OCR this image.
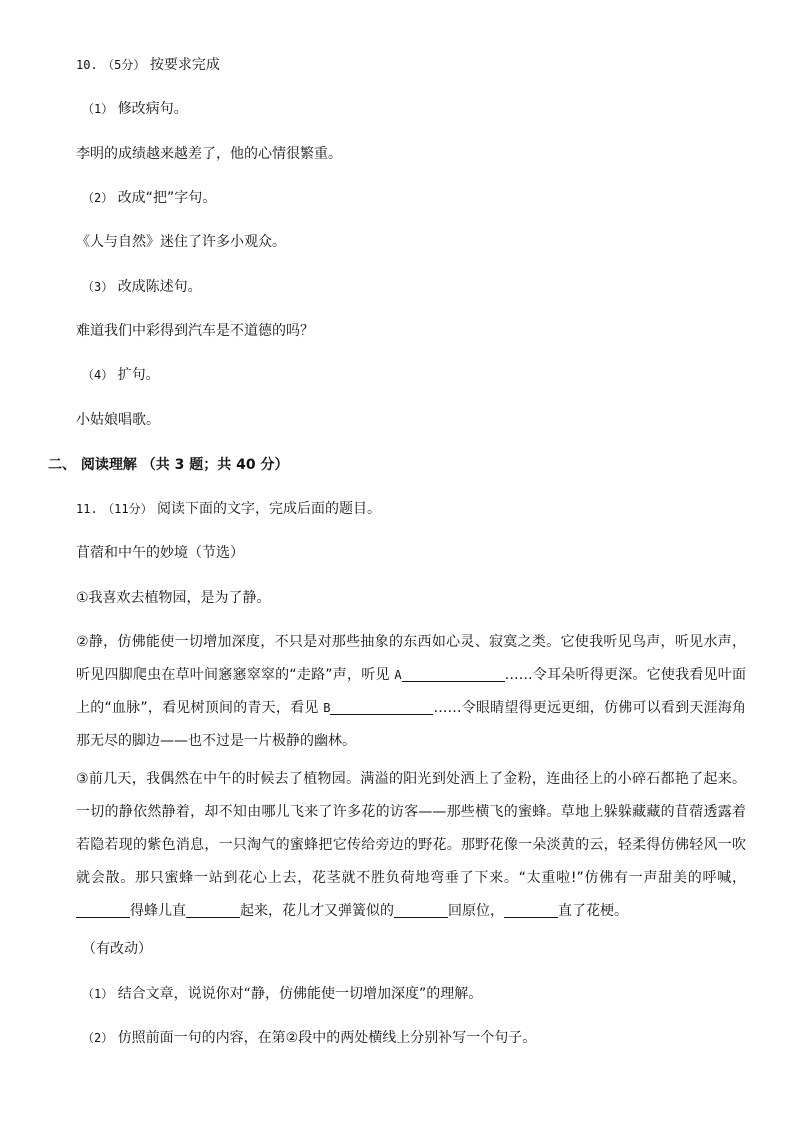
10. （5分） 按要求完成
（1） 修改病句。
李明的成绩越来越差了，他的心情很繁重。
（2） 改成“把”字句。
《人与自然》迷住了许多小观众。
（3） 改成陈述句。
难道我们中彩得到汽车是不道德的吗？
（4） 扩句。
小姑娘唱歌。
二、 阅读理解 （共 3 题；共 40 分）
11. （11分） 阅读下面的文字，完成后面的题目。
苜蓿和中午的妙境（节选）
①我喜欢去植物园，是为了静。

②静，仿佛能使一切增加深度，不只是对那些抽象的东西如心灵、寂寞之类。它使我听见鸟声，听见水声，听见四脚爬虫在草叶间窸窸窣窣的“走路”声，听见 A	……令耳朵听得更深。它使我看见叶面上的“血脉”，看见树顶间的青天，看见 B	……令眼睛望得更远更细，仿佛可以看到天涯海角那无尽的脚边——也不过是一片极静的幽林。

③前几天，我偶然在中午的时候去了植物园。满溢的阳光到处洒上了金粉，连曲径上的小碎石都艳了起来。一切的静依然静着，却不知由哪儿飞来了许多花的访客——那些横飞的蜜蜂。草地上躲躲藏藏的苜蓿透露着若隐若现的紫色消息，一只淘气的蜜蜂把它传给旁边的野花。那野花像一朵淡黄的云，轻柔得仿佛轻风一吹就会散。那只蜜蜂一站到花心上去，花茎就不胜负荷地弯垂了下来。“太重啦!”仿佛有一声甜美的呼喊，得蜂儿直	起来，花儿才又弹簧似的	回原位，	直了花梗。

（有改动）
（1） 结合文章，说说你对“静，仿佛能使一切增加深度”的理解。
（2） 仿照前面一句的内容，在第②段中的两处横线上分别补写一个句子。
